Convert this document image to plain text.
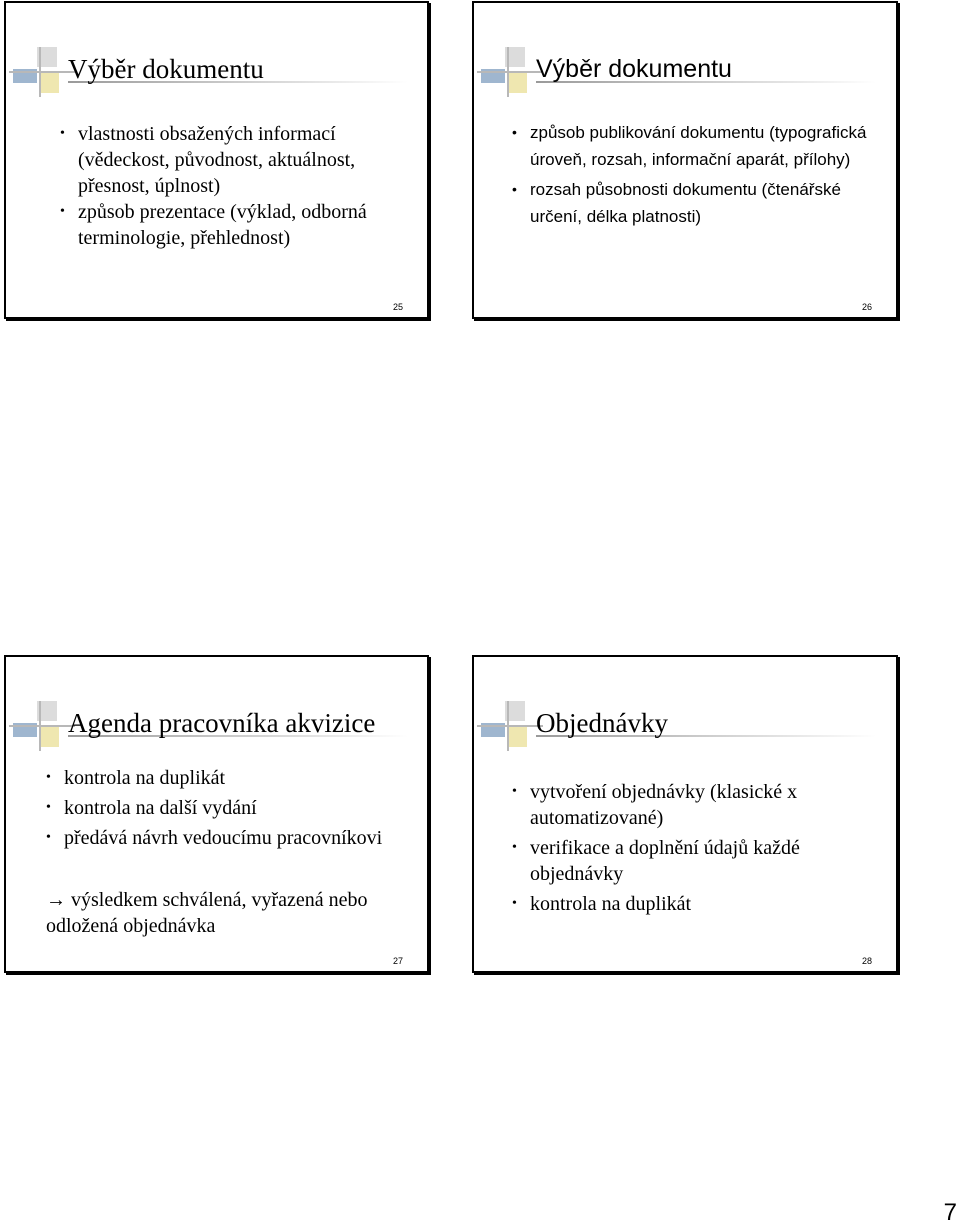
Výběr dokumentu
• vlastnosti obsažených informací (vědeckost, původnost, aktuálnost, přesnost, úplnost)
• způsob prezentace (výklad, odborná terminologie, přehlednost)
25
Výběr dokumentu
• způsob publikování dokumentu (typografická úroveň, rozsah, informační aparát, přílohy)
• rozsah působnosti dokumentu (čtenářské určení, délka platnosti)
26
Agenda pracovníka akvizice
• kontrola na duplikát
• kontrola na další vydání
• předává návrh vedoucímu pracovníkovi
→ výsledkem schválená, vyřazená nebo odložená objednávka
27
Objednávky
• vytvoření objednávky (klasické x automatizované)
• verifikace a doplnění údajů každé objednávky
• kontrola na duplikát
28
7
